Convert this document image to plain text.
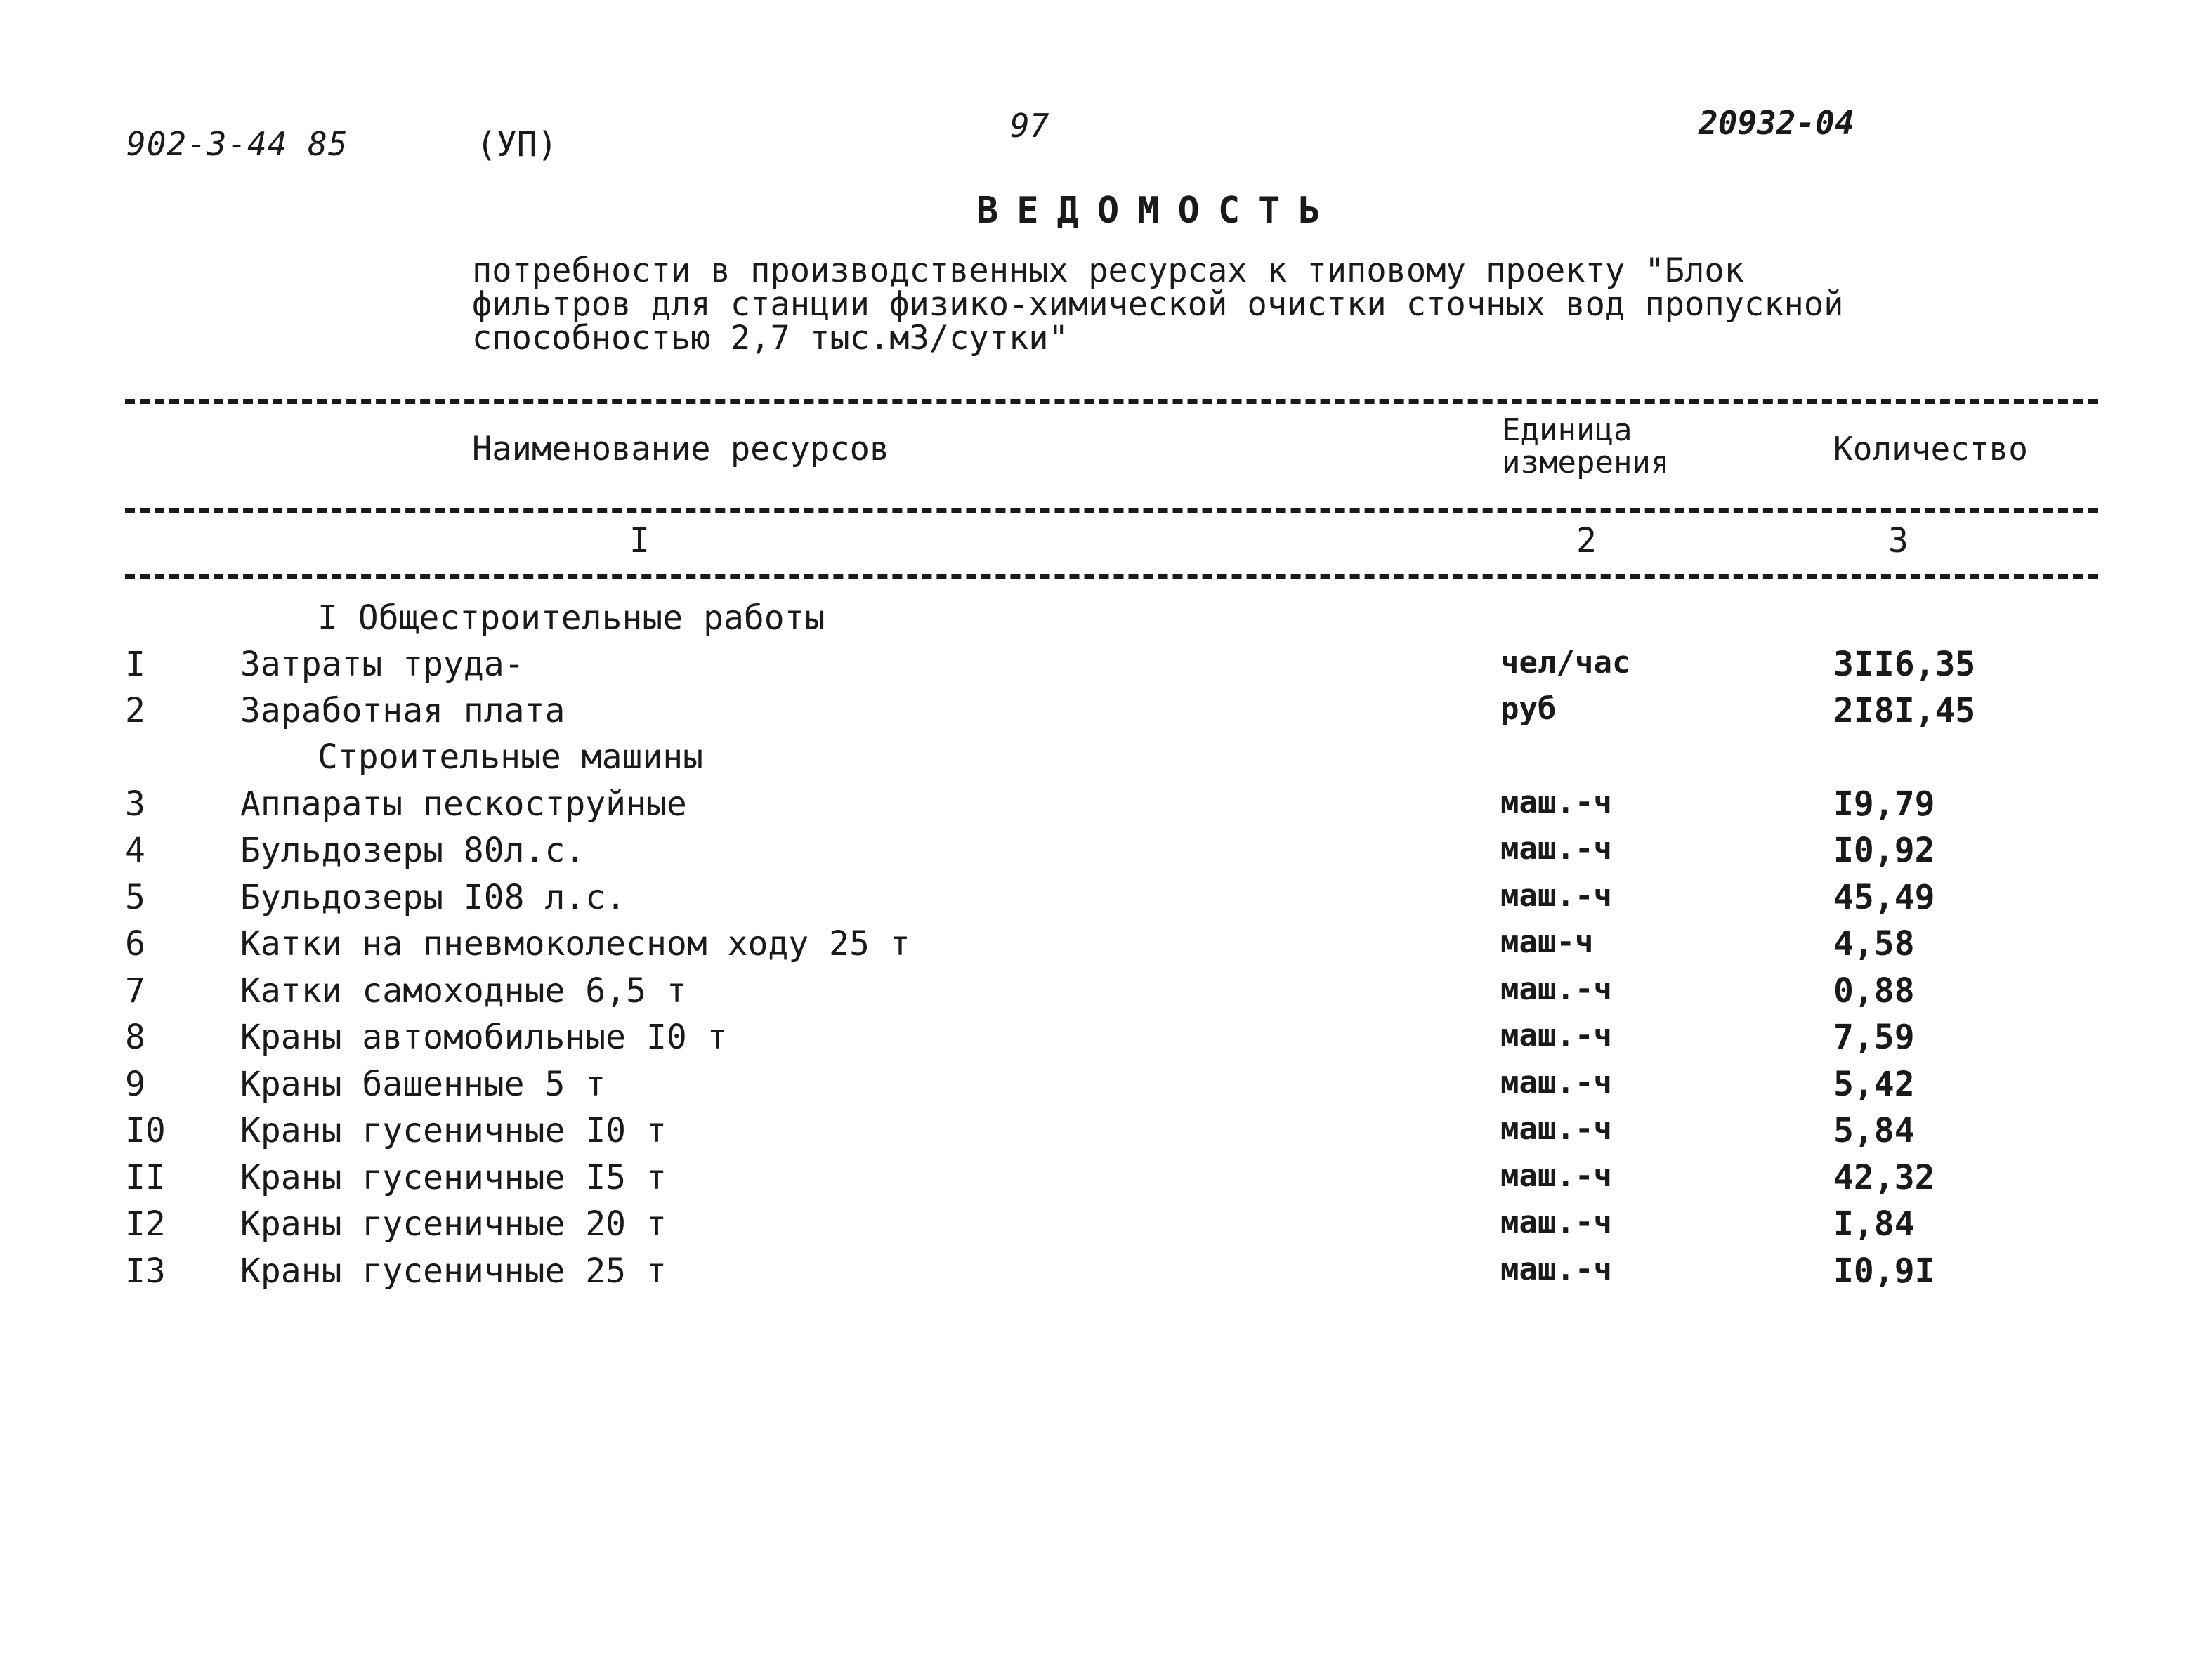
902-3-44 85	(УП)	97	20932-04
ВЕДОМОСТЬ
потребности в производственных ресурсах к типовому проекту "Блок
фильтров для станции физико-химической очистки сточных вод пропускной
способностью 2,7 тыс.м3/сутки"
Наименование ресурсов	Единица
измерения	Количество
I	2	3
I Общестроительные работы
I	Затраты труда-	чел/час	3II6,35
2	Заработная плата	руб	2I8I,45
Строительные машины
3	Аппараты пескоструйные	маш.-ч	I9,79
4	Бульдозеры 80л.с.	маш.-ч	I0,92
5	Бульдозеры I08 л.с.	маш.-ч	45,49
6	Катки на пневмоколесном ходу 25 т	маш-ч	4,58
7	Катки самоходные 6,5 т	маш.-ч	0,88
8	Краны автомобильные I0 т	маш.-ч	7,59
9	Краны башенные 5 т	маш.-ч	5,42
I0 Краны гусеничные I0 т	маш.-ч	5,84
II Краны гусеничные I5 т	маш.-ч	42,32
I2 Краны гусеничные 20 т	маш.-ч	I,84
I3 Краны гусеничные 25 т	маш.-ч	I0,9I
